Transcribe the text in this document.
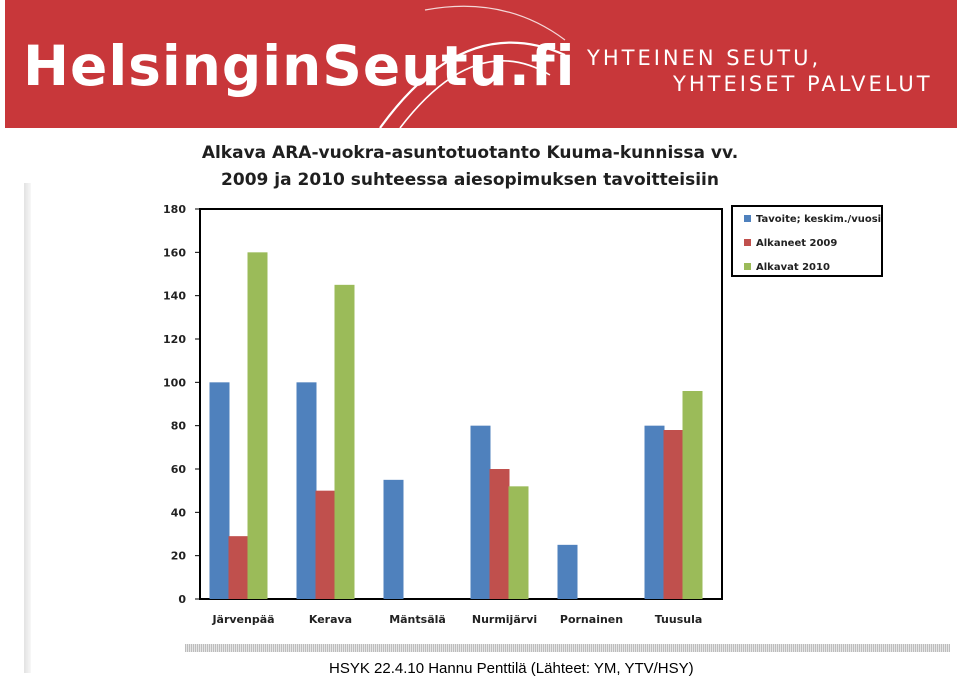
HelsinginSeutu.fi YHTEINEN SEUTU,
YHTEISET PALVELUT
Alkava ARA-vuokra-asuntotuotanto Kuuma-kunnissa vv.
2009 ja 2010 suhteessa aiesopimuksen tavoitteisiin
0
20
40
60
80
100
120
140
160
180
Järvenpää	Kerava	Mäntsälä Nurmijärvi Pornainen	Tuusula
Tavoite; keskim./vuosi
Alkaneet 2009
Alkavat 2010
HSYK 22.4.10 Hannu Penttilä (Lähteet: YM, YTV/HSY)
